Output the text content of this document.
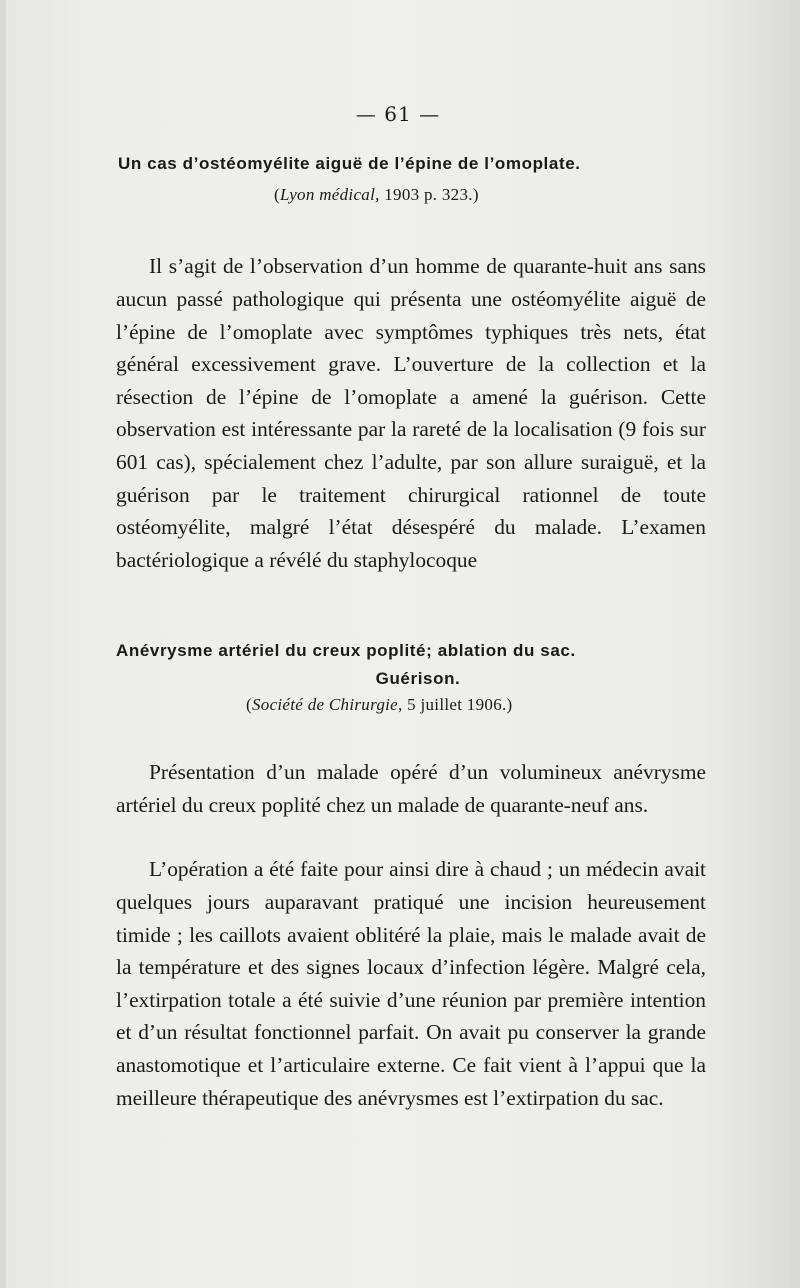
— 61 —
Un cas d’ostéomyélite aiguë de l’épine de l’omoplate.
(Lyon médical, 1903 p. 323.)

Il s’agit de l’observation d’un homme de quarante-huit ans sans aucun passé pathologique qui présenta une ostéomyélite aiguë de l’épine de l’omoplate avec symptômes typhiques très nets, état général excessivement grave. L’ouverture de la collection et la résection de l’épine de l’omoplate a amené la guérison. Cette observation est intéressante par la rareté de la localisation (9 fois sur 601 cas), spécialement chez l’adulte, par son allure suraiguë, et la guérison par le traitement chirurgical rationnel de toute ostéomyélite, malgré l’état désespéré du malade. L’examen bactériologique a révélé du staphylocoque

Anévrysme artériel du creux poplité; ablation du sac.
Guérison.
(Société de Chirurgie, 5 juillet 1906.)

Présentation d’un malade opéré d’un volumineux anévrysme artériel du creux poplité chez un malade de quarante-neuf ans.

L’opération a été faite pour ainsi dire à chaud ; un médecin avait quelques jours auparavant pratiqué une incision heureusement timide ; les caillots avaient oblitéré la plaie, mais le malade avait de la température et des signes locaux d’infection légère. Malgré cela, l’extirpation totale a été suivie d’une réunion par première intention et d’un résultat fonctionnel parfait. On avait pu conserver la grande anastomotique et l’articulaire externe. Ce fait vient à l’appui que la meilleure thérapeutique des anévrysmes est l’extirpation du sac.
